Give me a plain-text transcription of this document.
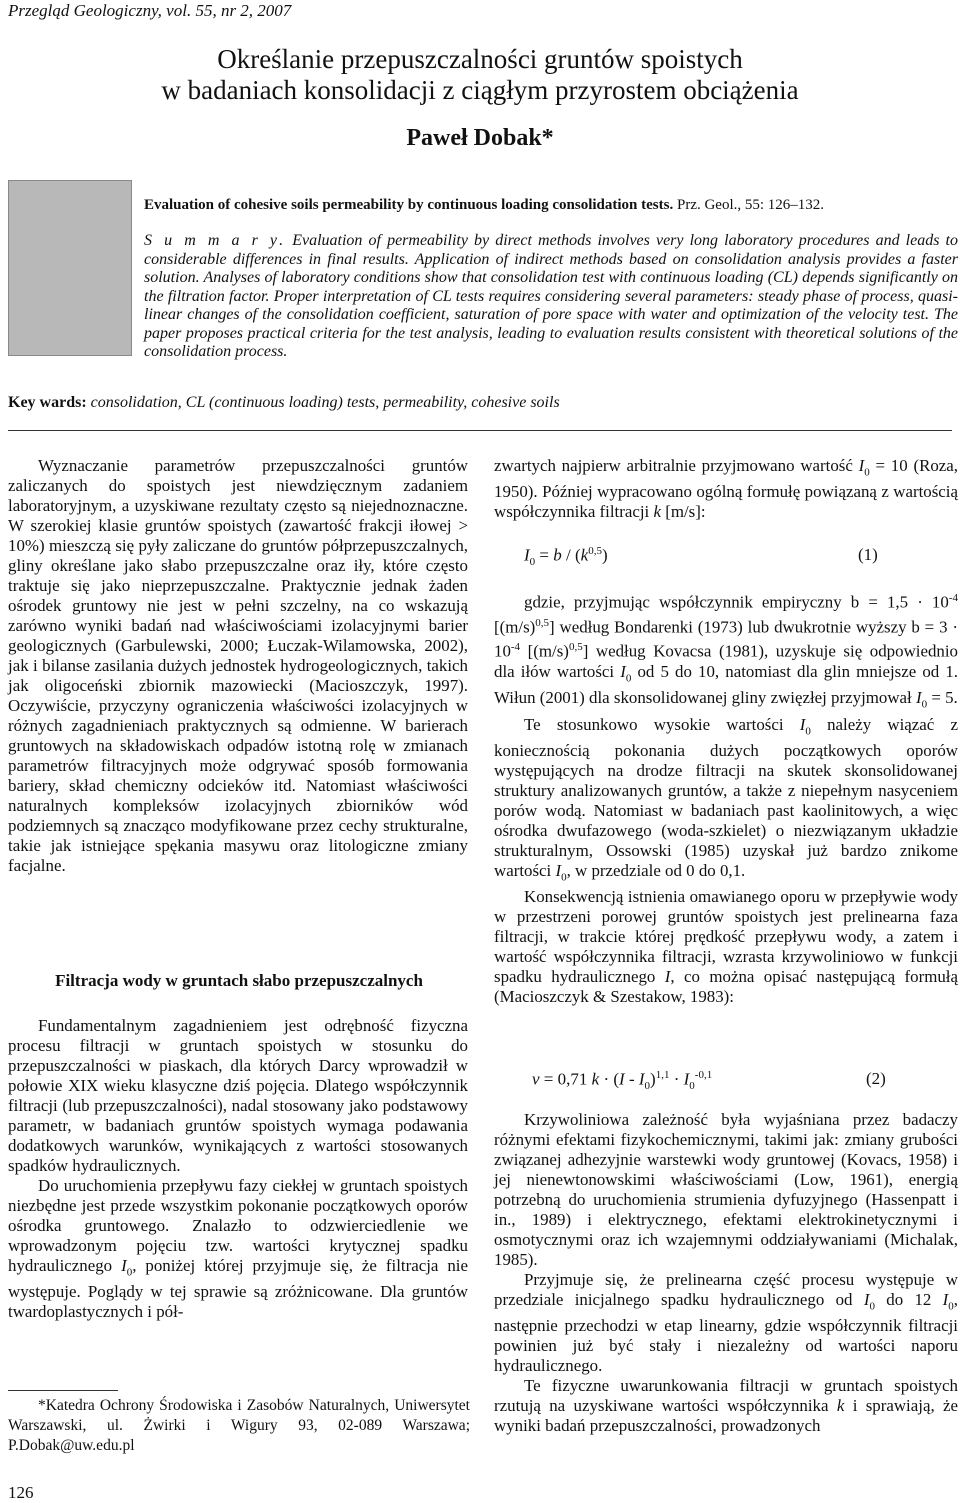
Przegląd Geologiczny, vol. 55, nr 2, 2007
Określanie przepuszczalności gruntów spoistych
w badaniach konsolidacji z ciągłym przyrostem obciążenia
Paweł Dobak*
Evaluation of cohesive soils permeability by continuous loading consolidation tests. Prz. Geol., 55: 126–132.
S u m m a r y. Evaluation of permeability by direct methods involves very long laboratory procedures and leads to considerable differences in final results. Application of indirect methods based on consolidation analysis provides a faster solution. Analyses of laboratory conditions show that consolidation test with continuous loading (CL) depends significantly on the filtration factor. Proper interpretation of CL tests requires considering several parameters: steady phase of process, quasi-linear changes of the consolidation coefficient, saturation of pore space with water and optimization of the velocity test. The paper proposes practical criteria for the test analysis, leading to evaluation results consistent with theoretical solutions of the consolidation process.
Key wards: consolidation, CL (continuous loading) tests, permeability, cohesive soils

Wyznaczanie parametrów przepuszczalności gruntów zaliczanych do spoistych jest niewdzięcznym zadaniem laboratoryjnym, a uzyskiwane rezultaty często są niejednoznaczne. W szerokiej klasie gruntów spoistych (zawartość frakcji iłowej > 10%) mieszczą się pyły zaliczane do gruntów półprzepuszczalnych, gliny określane jako słabo przepuszczalne oraz iły, które często traktuje się jako nieprzepuszczalne. Praktycznie jednak żaden ośrodek gruntowy nie jest w pełni szczelny, na co wskazują zarówno wyniki badań nad właściwościami izolacyjnymi barier geologicznych (Garbulewski, 2000; Łuczak-Wilamowska, 2002), jak i bilanse zasilania dużych jednostek hydrogeologicznych, takich jak oligoceński zbiornik mazowiecki (Macioszczyk, 1997). Oczywiście, przyczyny ograniczenia właściwości izolacyjnych w różnych zagadnieniach praktycznych są odmienne. W barierach gruntowych na składowiskach odpadów istotną rolę w zmianach parametrów filtracyjnych może odgrywać sposób formowania bariery, skład chemiczny odcieków itd. Natomiast właściwości naturalnych kompleksów izolacyjnych zbiorników wód podziemnych są znacząco modyfikowane przez cechy strukturalne, takie jak istniejące spękania masywu oraz litologiczne zmiany facjalne.

Filtracja wody w gruntach słabo przepuszczalnych

Fundamentalnym zagadnieniem jest odrębność fizyczna procesu filtracji w gruntach spoistych w stosunku do przepuszczalności w piaskach, dla których Darcy wprowadził w połowie XIX wieku klasyczne dziś pojęcia. Dlatego współczynnik filtracji (lub przepuszczalności), nadal stosowany jako podstawowy parametr, w badaniach gruntów spoistych wymaga podawania dodatkowych warunków, wynikających z wartości stosowanych spadków hydraulicznych.

Do uruchomienia przepływu fazy ciekłej w gruntach spoistych niezbędne jest przede wszystkim pokonanie początkowych oporów ośrodka gruntowego. Znalazło to odzwierciedlenie we wprowadzonym pojęciu tzw. wartości krytycznej spadku hydraulicznego $I_0$, poniżej której przyjmuje się, że filtracja nie występuje. Poglądy w tej sprawie są zróżnicowane. Dla gruntów twardoplastycznych i pół-

*Katedra Ochrony Środowiska i Zasobów Naturalnych, Uniwersytet Warszawski, ul. Żwirki i Wigury 93, 02-089 Warszawa; P.Dobak@uw.edu.pl
126

zwartych najpierw arbitralnie przyjmowano wartość $I_0 = 10$ (Roza, 1950). Później wypracowano ogólną formułę powiązaną z wartością współczynnika filtracji k [m/s]:

$I_0 = b / (k^{0,5})$	(1)

gdzie, przyjmując współczynnik empiryczny $b = 1,5 \cdot 10^{-4}$ $[(m/s)^{0,5}]$ według Bondarenki (1973) lub dwukrotnie wyższy $b = 3 \cdot 10^{-4}$ $[(m/s)^{0,5}]$ według Kovacsa (1981), uzyskuje się odpowiednio dla iłów wartości $I_0$ od 5 do 10, natomiast dla glin mniejsze od 1. Wiłun (2001) dla skonsolidowanej gliny zwięzłej przyjmował $I_0 = 5$.

Te stosunkowo wysokie wartości $I_0$ należy wiązać z koniecznością pokonania dużych początkowych oporów występujących na drodze filtracji na skutek skonsolidowanej struktury analizowanych gruntów, a także z niepełnym nasyceniem porów wodą. Natomiast w badaniach past kaolinitowych, a więc ośrodka dwufazowego (woda-szkielet) o niezwiązanym układzie strukturalnym, Ossowski (1985) uzyskał już bardzo znikome wartości $I_0$, w przedziale od 0 do 0,1.

Konsekwencją istnienia omawianego oporu w przepływie wody w przestrzeni porowej gruntów spoistych jest prelinearna faza filtracji, w trakcie której prędkość przepływu wody, a zatem i wartość współczynnika filtracji, wzrasta krzywoliniowo w funkcji spadku hydraulicznego I, co można opisać następującą formułą (Macioszczyk & Szestakow, 1983):

v = 0,71 $k \cdot (I - I_0)^{1,1} \cdot I_0^{-0,1}$	(2)

Krzywoliniowa zależność była wyjaśniana przez badaczy różnymi efektami fizykochemicznymi, takimi jak: zmiany grubości związanej adhezyjnie warstewki wody gruntowej (Kovacs, 1958) i jej nienewtonowskimi właściwościami (Low, 1961), energią potrzebną do uruchomienia strumienia dyfuzyjnego (Hassenpatt i in., 1989) i elektrycznego, efektami elektrokinetycznymi i osmotycznymi oraz ich wzajemnymi oddziaływaniami (Michalak, 1985).

Przyjmuje się, że prelinearna część procesu występuje w przedziale inicjalnego spadku hydraulicznego od $I_0$ do 12 $I_0$, następnie przechodzi w etap linearny, gdzie współczynnik filtracji powinien już być stały i niezależny od wartości naporu hydraulicznego.

Te fizyczne uwarunkowania filtracji w gruntach spoistych rzutują na uzyskiwane wartości współczynnika k i sprawiają, że wyniki badań przepuszczalności, prowadzonych
